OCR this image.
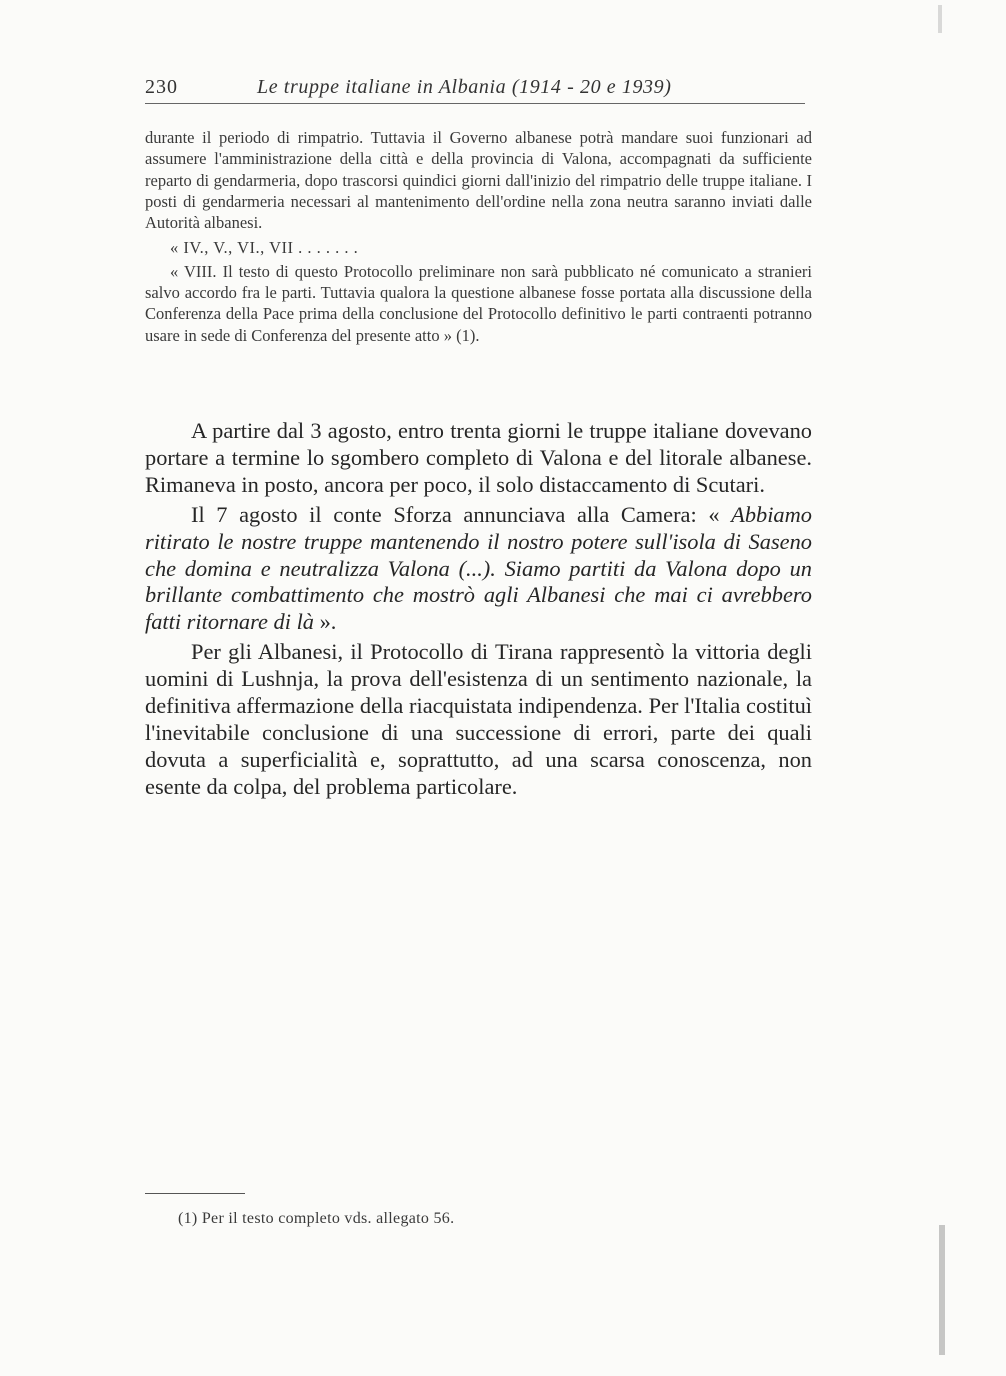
230	Le truppe italiane in Albania (1914 - 20 e 1939)

durante il periodo di rimpatrio. Tuttavia il Governo albanese potrà mandare suoi funzionari ad assumere l'amministrazione della città e della provincia di Valona, accompagnati da sufficiente reparto di gendarmeria, dopo trascorsi quindici giorni dall'inizio del rimpatrio delle truppe italiane. I posti di gendarmeria necessari al mantenimento dell'ordine nella zona neutra saranno inviati dalle Autorità albanesi.

« IV., V., VI., VII . . . . . . .

« VIII. Il testo di questo Protocollo preliminare non sarà pubblicato né comunicato a stranieri salvo accordo fra le parti. Tuttavia qualora la questione albanese fosse portata alla discussione della Conferenza della Pace prima della conclusione del Protocollo definitivo le parti contraenti potranno usare in sede di Conferenza del presente atto » (1).

A partire dal 3 agosto, entro trenta giorni le truppe italiane dovevano portare a termine lo sgombero completo di Valona e del litorale albanese. Rimaneva in posto, ancora per poco, il solo distaccamento di Scutari.

Il 7 agosto il conte Sforza annunciava alla Camera: « Abbiamo ritirato le nostre truppe mantenendo il nostro potere sull'isola di Saseno che domina e neutralizza Valona (...). Siamo partiti da Valona dopo un brillante combattimento che mostrò agli Albanesi che mai ci avrebbero fatti ritornare di là ».

Per gli Albanesi, il Protocollo di Tirana rappresentò la vittoria degli uomini di Lushnja, la prova dell'esistenza di un sentimento nazionale, la definitiva affermazione della riacquistata indipendenza. Per l'Italia costituì l'inevitabile conclusione di una successione di errori, parte dei quali dovuta a superficialità e, soprattutto, ad una scarsa conoscenza, non esente da colpa, del problema particolare.

(1) Per il testo completo vds. allegato 56.
